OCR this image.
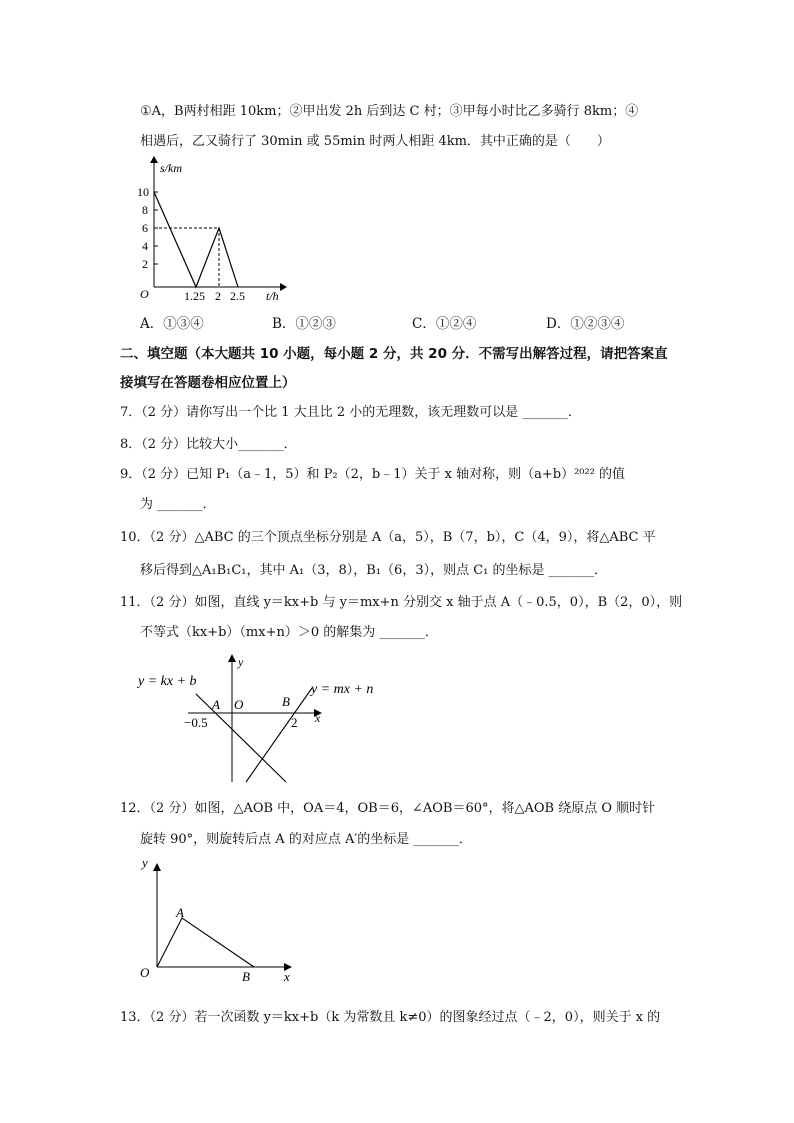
①A，B两村相距 10km；②甲出发 2h 后到达 C 村；③甲每小时比乙多骑行 8km；④
相遇后，乙又骑行了 30min 或 55min 时两人相距 4km．其中正确的是（　　）
s/km
t/h
O
10
8
6
4
2
1.25 2 2.5
A．①③④	B．①②③	C．①②④	D．①②③④
二、填空题（本大题共 10 小题，每小题 2 分，共 20 分．不需写出解答过程，请把答案直
接填写在答题卷相应位置上）
7．（2 分）请你写出一个比 1 大且比 2 小的无理数，该无理数可以是 _______．
8．（2 分）比较大小_______．
9．（2 分）已知 P₁（a﹣1，5）和 P₂（2，b﹣1）关于 x 轴对称，则（a+b）²⁰²² 的值
为 _______．
10．（2 分）△ABC 的三个顶点坐标分别是 A（a，5），B（7，b），C（4，9），将△ABC 平
移后得到△A₁B₁C₁，其中 A₁（3，8），B₁（6，3），则点 C₁ 的坐标是 _______．
11．（2 分）如图，直线 y＝kx+b 与 y＝mx+n 分别交 x 轴于点 A（﹣0.5，0），B（2，0），则
不等式（kx+b）（mx+n）＞0 的解集为 _______．
y = kx + b
y = mx + n
y
x
A O	B
−0.5	2
12．（2 分）如图，△AOB 中，OA＝4，OB＝6，∠AOB＝60°，将△AOB 绕原点 O 顺时针
旋转 90°，则旋转后点 A 的对应点 A′的坐标是 _______．
y
x
A
O	B
13．（2 分）若一次函数 y＝kx+b（k 为常数且 k≠0）的图象经过点（﹣2，0），则关于 x 的
